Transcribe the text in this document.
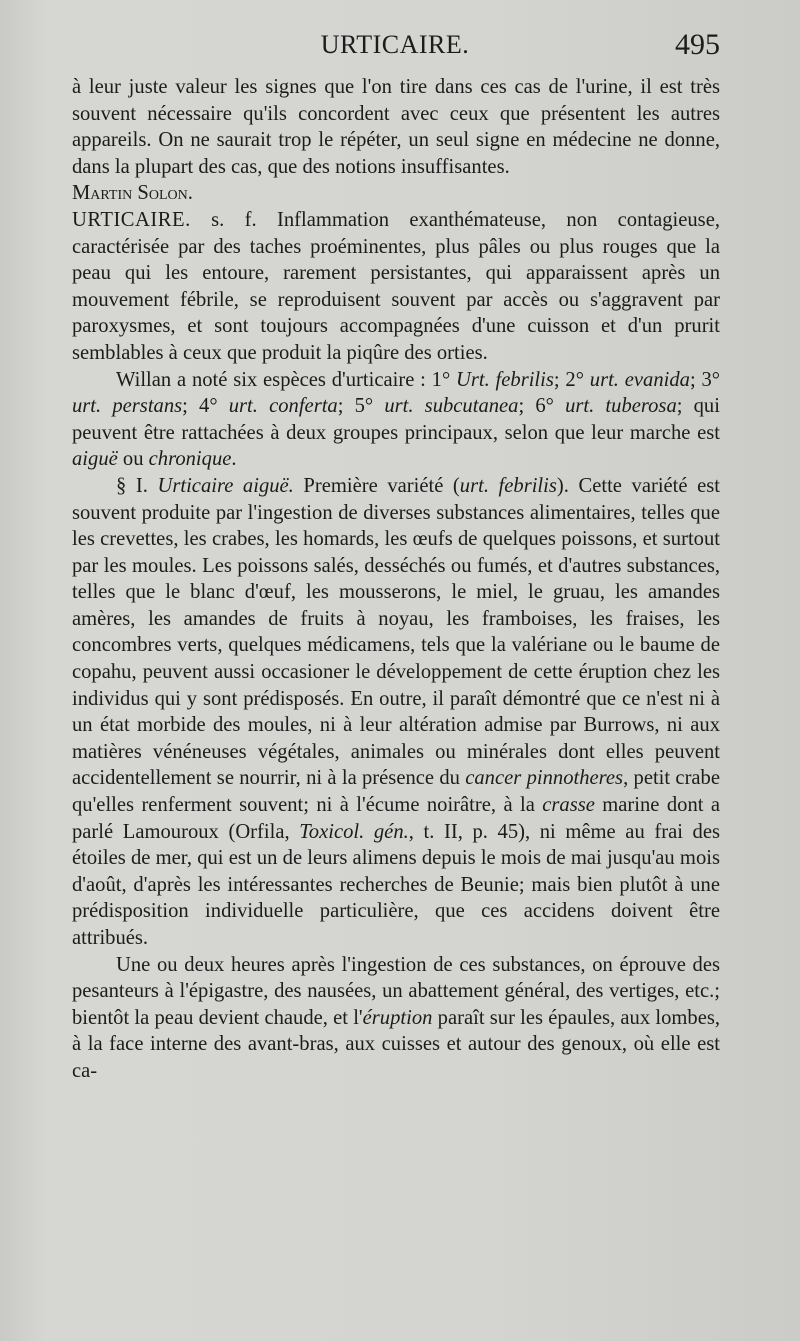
URTICAIRE.	495

à leur juste valeur les signes que l'on tire dans ces cas de l'urine, il est très souvent nécessaire qu'ils concordent avec ceux que présentent les autres appareils. On ne saurait trop le répéter, un seul signe en médecine ne donne, dans la plupart des cas, que des notions insuffisantes.

Martin Solon.

URTICAIRE. s. f. Inflammation exanthémateuse, non contagieuse, caractérisée par des taches proéminentes, plus pâles ou plus rouges que la peau qui les entoure, rarement persistantes, qui apparaissent après un mouvement fébrile, se reproduisent souvent par accès ou s'aggravent par paroxysmes, et sont toujours accompagnées d'une cuisson et d'un prurit semblables à ceux que produit la piqûre des orties.

Willan a noté six espèces d'urticaire : 1° Urt. febrilis; 2° urt. evanida; 3° urt. perstans; 4° urt. conferta; 5° urt. subcutanea; 6° urt. tuberosa; qui peuvent être rattachées à deux groupes principaux, selon que leur marche est aiguë ou chronique.

§ I. Urticaire aiguë. Première variété (urt. febrilis). Cette variété est souvent produite par l'ingestion de diverses substances alimentaires, telles que les crevettes, les crabes, les homards, les œufs de quelques poissons, et surtout par les moules. Les poissons salés, desséchés ou fumés, et d'autres substances, telles que le blanc d'œuf, les mousserons, le miel, le gruau, les amandes amères, les amandes de fruits à noyau, les framboises, les fraises, les concombres verts, quelques médicamens, tels que la valériane ou le baume de copahu, peuvent aussi occasioner le développement de cette éruption chez les individus qui y sont prédisposés. En outre, il paraît démontré que ce n'est ni à un état morbide des moules, ni à leur altération admise par Burrows, ni aux matières vénéneuses végétales, animales ou minérales dont elles peuvent accidentellement se nourrir, ni à la présence du cancer pinnotheres, petit crabe qu'elles renferment souvent; ni à l'écume noirâtre, à la crasse marine dont a parlé Lamouroux (Orfila, Toxicol. gén., t. II, p. 45), ni même au frai des étoiles de mer, qui est un de leurs alimens depuis le mois de mai jusqu'au mois d'août, d'après les intéressantes recherches de Beunie; mais bien plutôt à une prédisposition individuelle particulière, que ces accidens doivent être attribués.

Une ou deux heures après l'ingestion de ces substances, on éprouve des pesanteurs à l'épigastre, des nausées, un abattement général, des vertiges, etc.; bientôt la peau devient chaude, et l'éruption paraît sur les épaules, aux lombes, à la face interne des avant-bras, aux cuisses et autour des genoux, où elle est ca-
